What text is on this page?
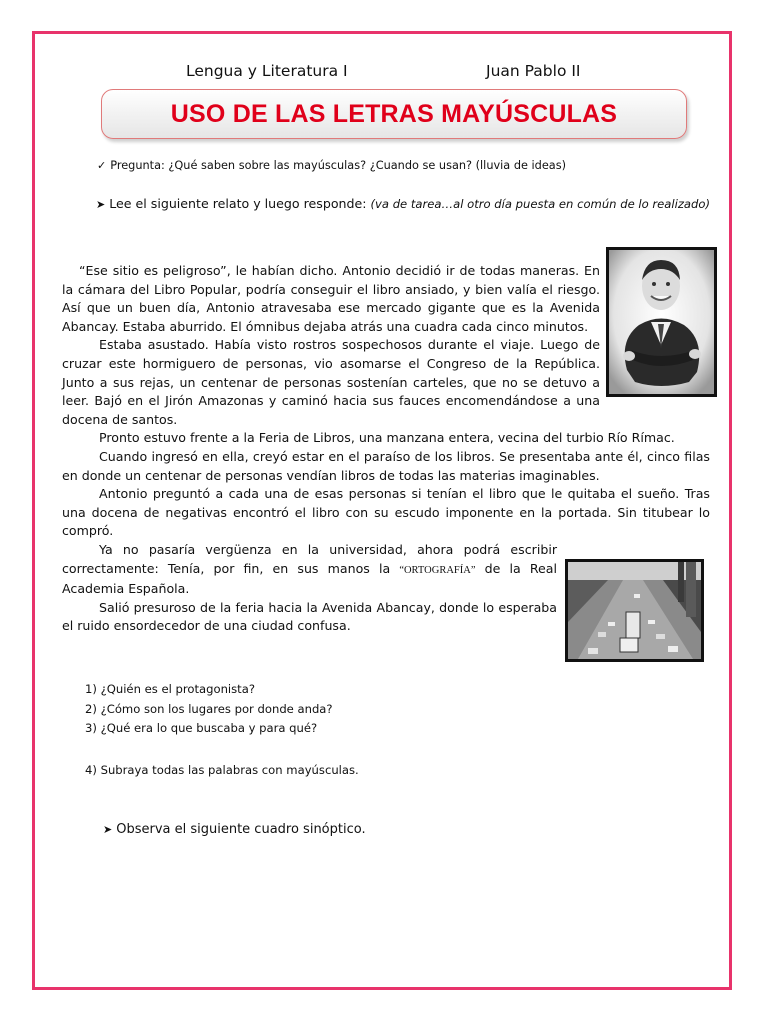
Lengua y Literatura I	Juan Pablo II
USO DE LAS LETRAS MAYÚSCULAS
✓ Pregunta: ¿Qué saben sobre las mayúsculas? ¿Cuando se usan? (lluvia de ideas)
➤ Lee el siguiente relato y luego responde: (va de tarea…al otro día puesta en común de lo realizado)

“Ese sitio es peligroso”, le habían dicho. Antonio decidió ir de todas maneras. En la cámara del Libro Popular, podría conseguir el libro ansiado, y bien valía el riesgo. Así que un buen día, Antonio atravesaba ese mercado gigante que es la Avenida Abancay. Estaba aburrido. El ómnibus dejaba atrás una cuadra cada cinco minutos.

Estaba asustado. Había visto rostros sospechosos durante el viaje. Luego de cruzar este hormiguero de personas, vio asomarse el Congreso de la República. Junto a sus rejas, un centenar de personas sostenían carteles, que no se detuvo a leer. Bajó en el Jirón Amazonas y caminó hacia sus fauces encomendándose a una docena de santos.

Pronto estuvo frente a la Feria de Libros, una manzana entera, vecina del turbio Río Rímac.

Cuando ingresó en ella, creyó estar en el paraíso de los libros. Se presentaba ante él, cinco filas en donde un centenar de personas vendían libros de todas las materias imaginables.

Antonio preguntó a cada una de esas personas si tenían el libro que le quitaba el sueño. Tras una docena de negativas encontró el libro con su escudo imponente en la portada. Sin titubear lo compró.

Ya no pasaría vergüenza en la universidad, ahora podrá escribir correctamente: Tenía, por fin, en sus manos la “ORTOGRAFÍA” de la Real Academia Española.

Salió presuroso de la feria hacia la Avenida Abancay, donde lo esperaba el ruido ensordecedor de una ciudad confusa.

1) ¿Quién es el protagonista?
2) ¿Cómo son los lugares por donde anda?
3) ¿Qué era lo que buscaba y para qué?
4) Subraya todas las palabras con mayúsculas.
➤ Observa el siguiente cuadro sinóptico.
